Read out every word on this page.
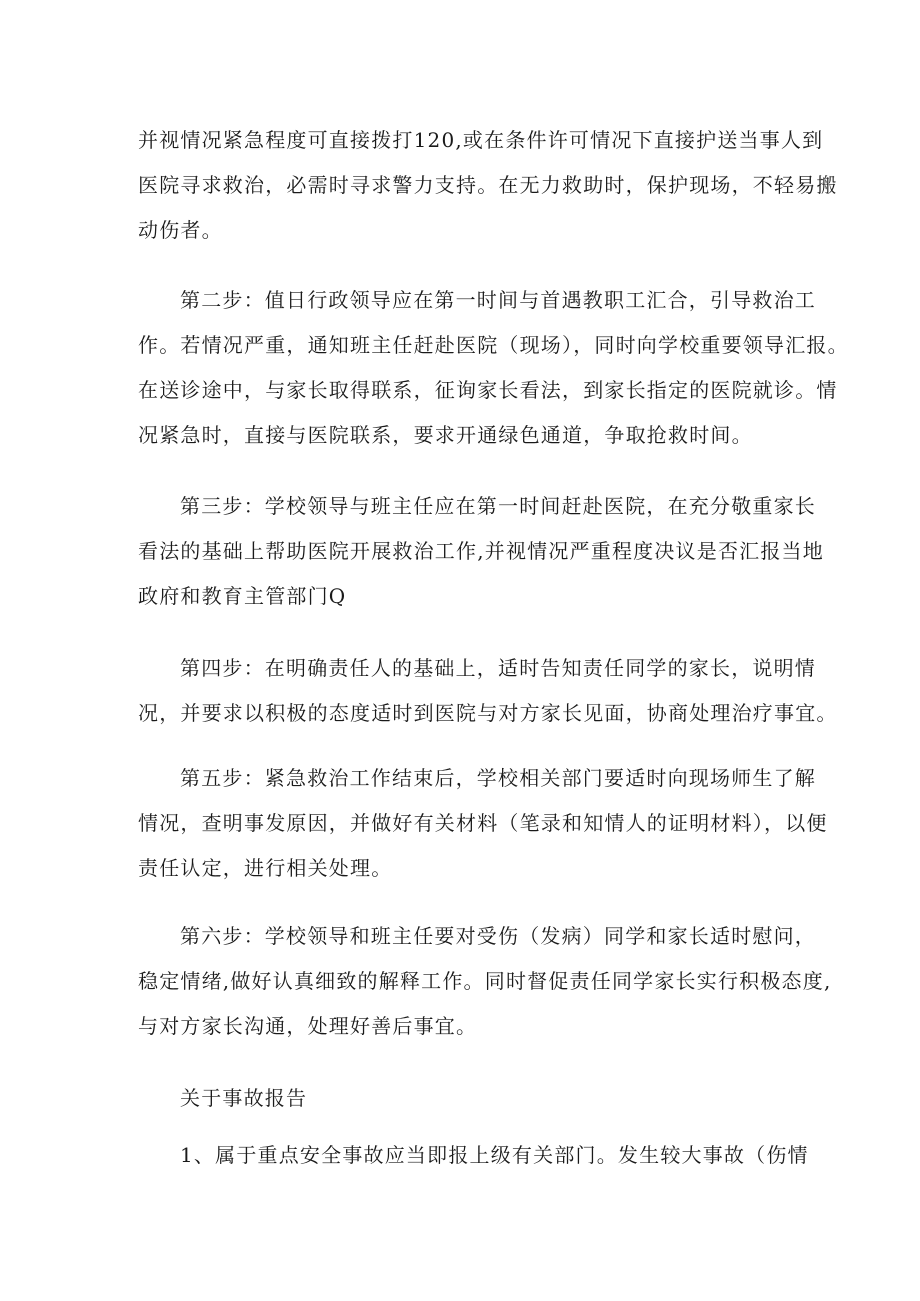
并视情况紧急程度可直接拨打120,或在条件许可情况下直接护送当事人到
医院寻求救治，必需时寻求警力支持。在无力救助时，保护现场，不轻易搬
动伤者。

第二步：值日行政领导应在第一时间与首遇教职工汇合，引导救治工
作。若情况严重，通知班主任赶赴医院（现场），同时向学校重要领导汇报。
在送诊途中，与家长取得联系，征询家长看法，到家长指定的医院就诊。情
况紧急时，直接与医院联系，要求开通绿色通道，争取抢救时间。

第三步：学校领导与班主任应在第一时间赶赴医院，在充分敬重家长
看法的基础上帮助医院开展救治工作,并视情况严重程度决议是否汇报当地
政府和教育主管部门Q

第四步：在明确责任人的基础上，适时告知责任同学的家长，说明情
况，并要求以积极的态度适时到医院与对方家长见面，协商处理治疗事宜。

第五步：紧急救治工作结束后，学校相关部门要适时向现场师生了解
情况，查明事发原因，并做好有关材料（笔录和知情人的证明材料），以便
责任认定，进行相关处理。

第六步：学校领导和班主任要对受伤（发病）同学和家长适时慰问，
稳定情绪,做好认真细致的解释工作。同时督促责任同学家长实行积极态度,
与对方家长沟通，处理好善后事宜。

关于事故报告

1、属于重点安全事故应当即报上级有关部门。发生较大事故（伤情
